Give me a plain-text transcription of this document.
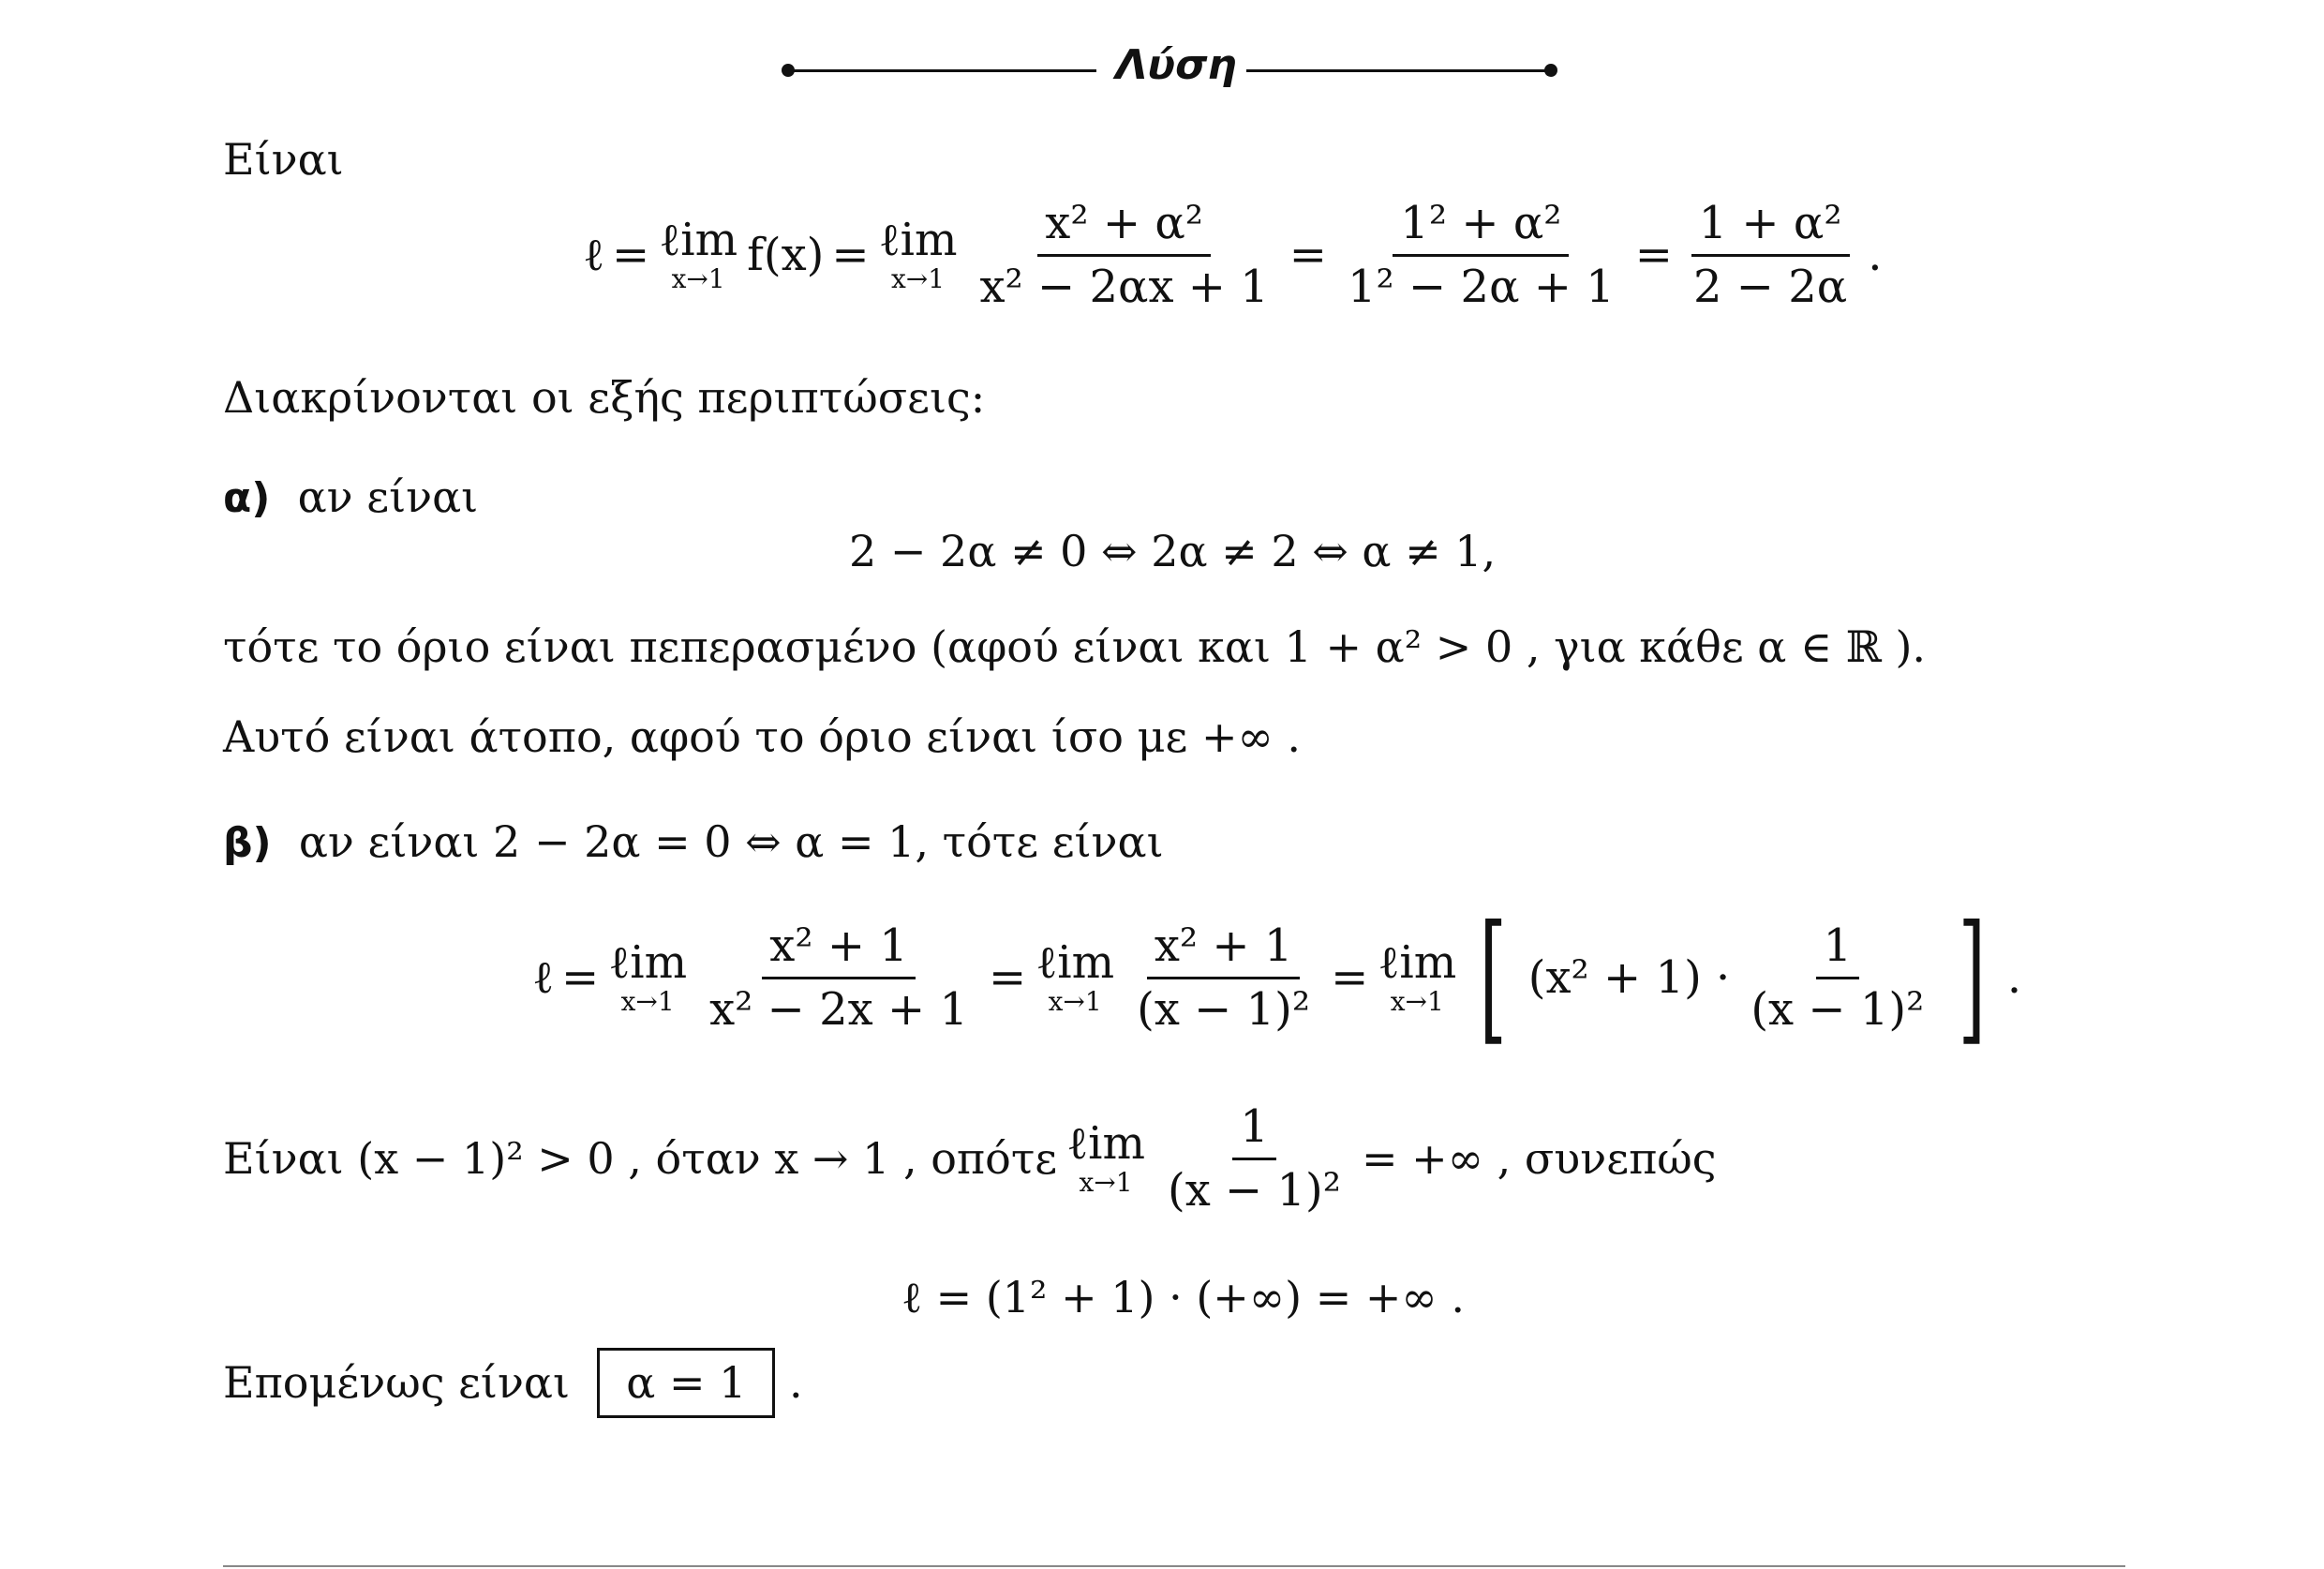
Λύση
Είναι
ℓ = ℓim
x→1 f(x) = ℓim
$x\to 1 \frac{\text{x² + α²}}{\text{x² − 2αx + 1}} = \frac{\text{1² + α²}}{\text{1² − 2α + 1}} = \frac{\text{1 + α²}}{2 - 2\alpha}$ .
Διακρίνονται οι εξής περιπτώσεις:
α) αν είναι
2 − 2α ≠ 0 ⇔ 2α ≠ 2 ⇔ α ≠ 1,
τότε το όριο είναι πεπερασμένο (αφού είναι και 1 + α² > 0 , για κάθε α ∈ ℝ ).
Αυτό είναι άτοπο, αφού το όριο είναι ίσο με +∞ .
β) αν είναι 2 − 2α = 0 ⇔ α = 1, τότε είναι
ℓ = ℓim
$x\to 1 \frac{\text{x² + 1}}{\text{x² − 2x + 1}}$ = ℓim
$x\to 1 \frac{\text{x² + 1}}{\text{(x − 1)²}}$ = ℓim
x→1 [ $(x^2 + 1) \cdot \frac{1}{\text{(x − 1)²}}$ ] .
Είναι (x − 1)² > 0 , όταν x → 1 , οπότε ℓim
$x\to 1 \frac{1}{\text{(x − 1)²}}$ = +∞ , συνεπώς
ℓ = (1² + 1) · (+∞) = +∞ .
Επομένως είναι α = 1 .
